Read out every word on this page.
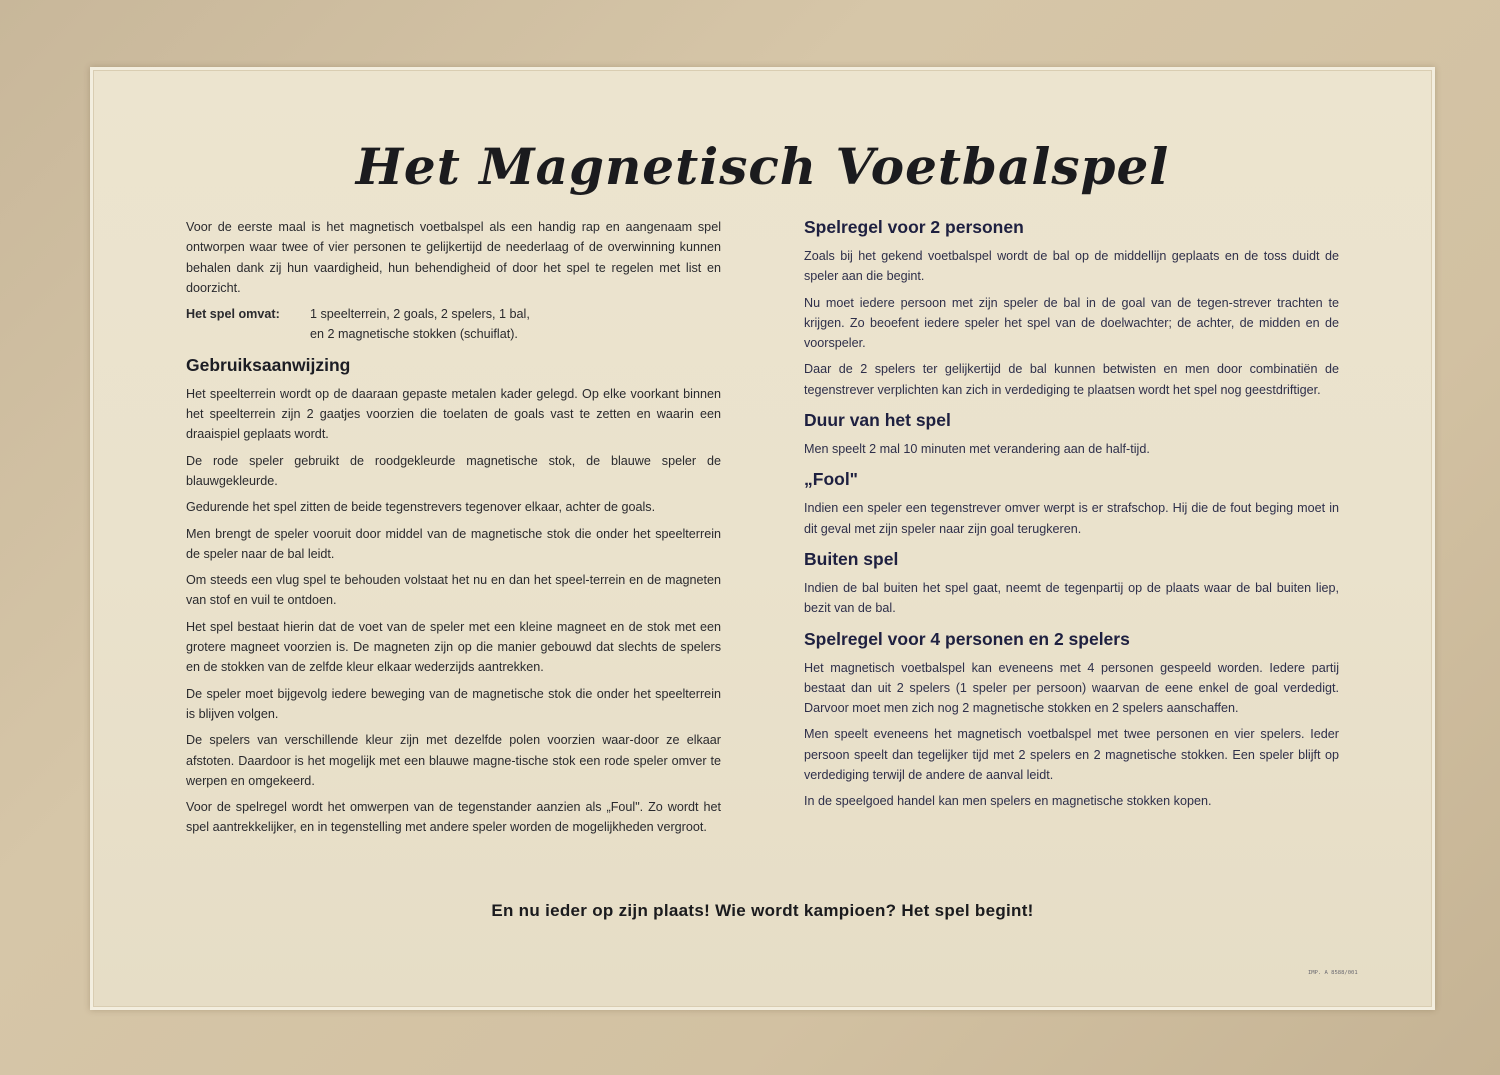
Het Magnetisch Voetbalspel

Voor de eerste maal is het magnetisch voetbalspel als een handig rap en aangenaam spel ontworpen waar twee of vier personen te gelijkertijd de neederlaag of de overwinning kunnen behalen dank zij hun vaardigheid, hun behendigheid of door het spel te regelen met list en doorzicht.

Het spel omvat:	1 speelterrein, 2 goals, 2 spelers, 1 bal,
en 2 magnetische stokken (schuiflat).
Gebruiksaanwijzing

Het speelterrein wordt op de daaraan gepaste metalen kader gelegd. Op elke voorkant binnen het speelterrein zijn 2 gaatjes voorzien die toelaten de goals vast te zetten en waarin een draaispiel geplaats wordt.

De rode speler gebruikt de roodgekleurde magnetische stok, de blauwe speler de blauwgekleurde.

Gedurende het spel zitten de beide tegenstrevers tegenover elkaar, achter de goals.

Men brengt de speler vooruit door middel van de magnetische stok die onder het speelterrein de speler naar de bal leidt.

Om steeds een vlug spel te behouden volstaat het nu en dan het speel-terrein en de magneten van stof en vuil te ontdoen.

Het spel bestaat hierin dat de voet van de speler met een kleine magneet en de stok met een grotere magneet voorzien is. De magneten zijn op die manier gebouwd dat slechts de spelers en de stokken van de zelfde kleur elkaar wederzijds aantrekken.

De speler moet bijgevolg iedere beweging van de magnetische stok die onder het speelterrein is blijven volgen.

De spelers van verschillende kleur zijn met dezelfde polen voorzien waar-door ze elkaar afstoten. Daardoor is het mogelijk met een blauwe magne-tische stok een rode speler omver te werpen en omgekeerd.

Voor de spelregel wordt het omwerpen van de tegenstander aanzien als „Foul". Zo wordt het spel aantrekkelijker, en in tegenstelling met andere speler worden de mogelijkheden vergroot.

Spelregel voor 2 personen

Zoals bij het gekend voetbalspel wordt de bal op de middellijn geplaats en de toss duidt de speler aan die begint.

Nu moet iedere persoon met zijn speler de bal in de goal van de tegen-strever trachten te krijgen. Zo beoefent iedere speler het spel van de doelwachter; de achter, de midden en de voorspeler.

Daar de 2 spelers ter gelijkertijd de bal kunnen betwisten en men door combinatiën de tegenstrever verplichten kan zich in verdediging te plaatsen wordt het spel nog geestdriftiger.

Duur van het spel

Men speelt 2 mal 10 minuten met verandering aan de half-tijd.

„Fool"

Indien een speler een tegenstrever omver werpt is er strafschop. Hij die de fout beging moet in dit geval met zijn speler naar zijn goal terugkeren.

Buiten spel

Indien de bal buiten het spel gaat, neemt de tegenpartij op de plaats waar de bal buiten liep, bezit van de bal.

Spelregel voor 4 personen en 2 spelers

Het magnetisch voetbalspel kan eveneens met 4 personen gespeeld worden. Iedere partij bestaat dan uit 2 spelers (1 speler per persoon) waarvan de eene enkel de goal verdedigt. Darvoor moet men zich nog 2 magnetische stokken en 2 spelers aanschaffen.

Men speelt eveneens het magnetisch voetbalspel met twee personen en vier spelers. Ieder persoon speelt dan tegelijker tijd met 2 spelers en 2 magnetische stokken. Een speler blijft op verdediging terwijl de andere de aanval leidt.

In de speelgoed handel kan men spelers en magnetische stokken kopen.

En nu ieder op zijn plaats! Wie wordt kampioen? Het spel begint!
IMP. A 8588/001
